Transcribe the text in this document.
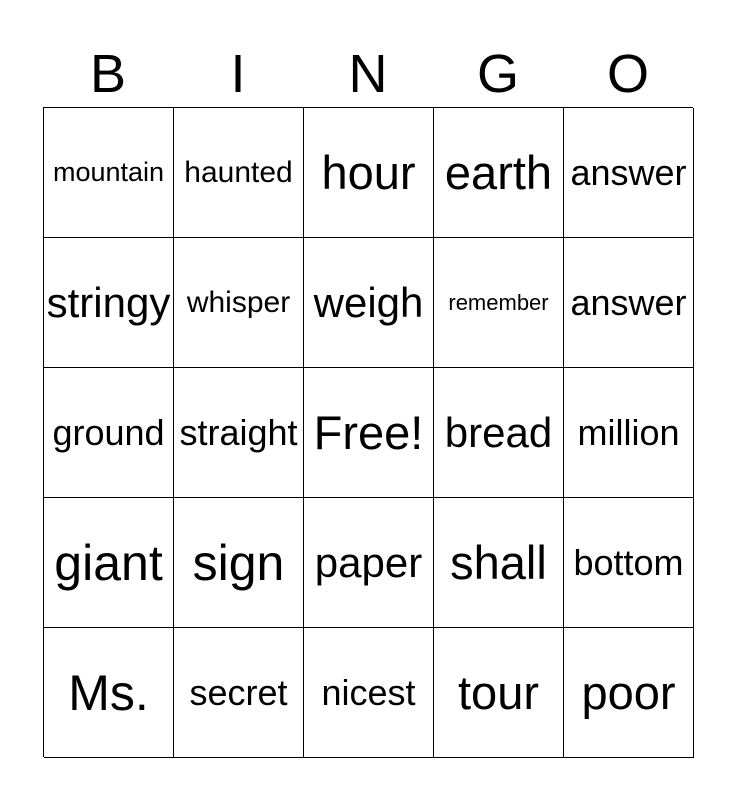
B	I	N	G	O
mountain haunted hour earth answer
stringy whisper weigh	remember answer
ground straight Free! bread million
giant sign paper shall bottom
Ms.	secret nicest tour poor
